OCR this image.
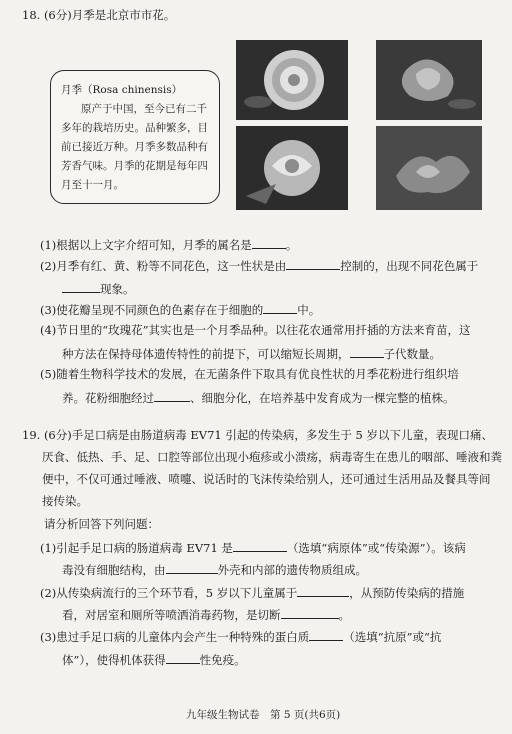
18. (6分)月季是北京市市花。
月季（Rosa chinensis）
原产于中国，至今已有二千
多年的栽培历史。品种繁多，目
前已接近万种。月季多数品种有
芳香气味。月季的花期是每年四
月至十一月。
(1)根据以上文字介绍可知，月季的属名是	。
(2)月季有红、黄、粉等不同花色，这一性状是由	控制的，出现不同花色属于
现象。
(3)使花瓣呈现不同颜色的色素存在于细胞的	中。
(4)节日里的“玫瑰花”其实也是一个月季品种。以往花农通常用扦插的方法来育苗，这
种方法在保持母体遗传特性的前提下，可以缩短长周期，	子代数量。
(5)随着生物科学技术的发展，在无菌条件下取具有优良性状的月季花粉进行组织培
养。花粉细胞经过	、细胞分化，在培养基中发育成为一棵完整的植株。
19. (6分)手足口病是由肠道病毒 EV71 引起的传染病，多发生于 5 岁以下儿童，表现口痛、
厌食、低热、手、足、口腔等部位出现小疱疹或小溃疡，病毒寄生在患儿的咽部、唾液和粪
便中，不仅可通过唾液、喷嚏、说话时的飞沫传染给别人，还可通过生活用品及餐具等间
接传染。
请分析回答下列问题：
(1)引起手足口病的肠道病毒 EV71 是	（选填“病原体”或“传染源”）。该病
毒没有细胞结构，由	外壳和内部的遗传物质组成。
(2)从传染病流行的三个环节看，5 岁以下儿童属于	，从预防传染病的措施
看，对居室和厕所等喷洒消毒药物，是切断	。
(3)患过手足口病的儿童体内会产生一种特殊的蛋白质	（选填“抗原”或“抗
体”），使得机体获得	性免疫。
九年级生物试卷　第 5 页(共6页)
